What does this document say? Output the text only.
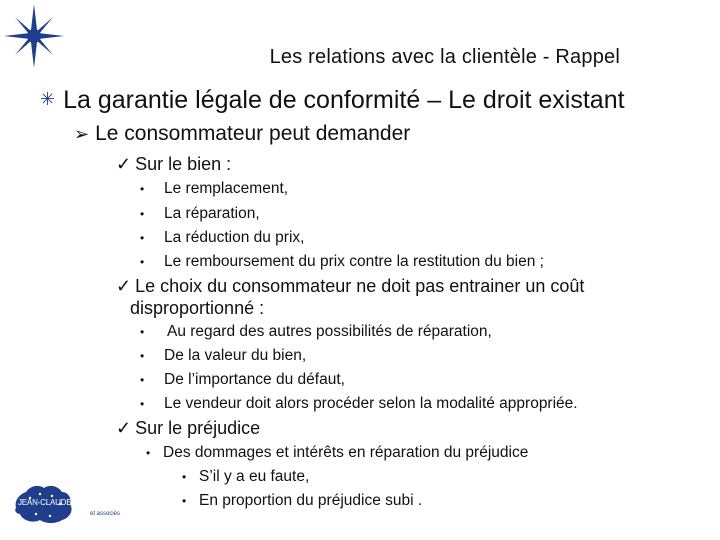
Les relations avec la clientèle - Rappel
✳ La garantie légale de conformité – Le droit existant
➢ Le consommateur peut demander
✓ Sur le bien :
• Le remplacement,
• La réparation,
• La réduction du prix,
• Le remboursement du prix contre la restitution du bien ;
✓ Le choix du consommateur ne doit pas entrainer un coût
disproportionné :
• Au regard des autres possibilités de réparation,
• De la valeur du bien,
• De l’importance du défaut,
• Le vendeur doit alors procéder selon la modalité appropriée.
✓ Sur le préjudice
• Des dommages et intérêts en réparation du préjudice
• S’il y a eu faute,
• En proportion du préjudice subi .
JEAN-CLAUDE COULON
et associés
